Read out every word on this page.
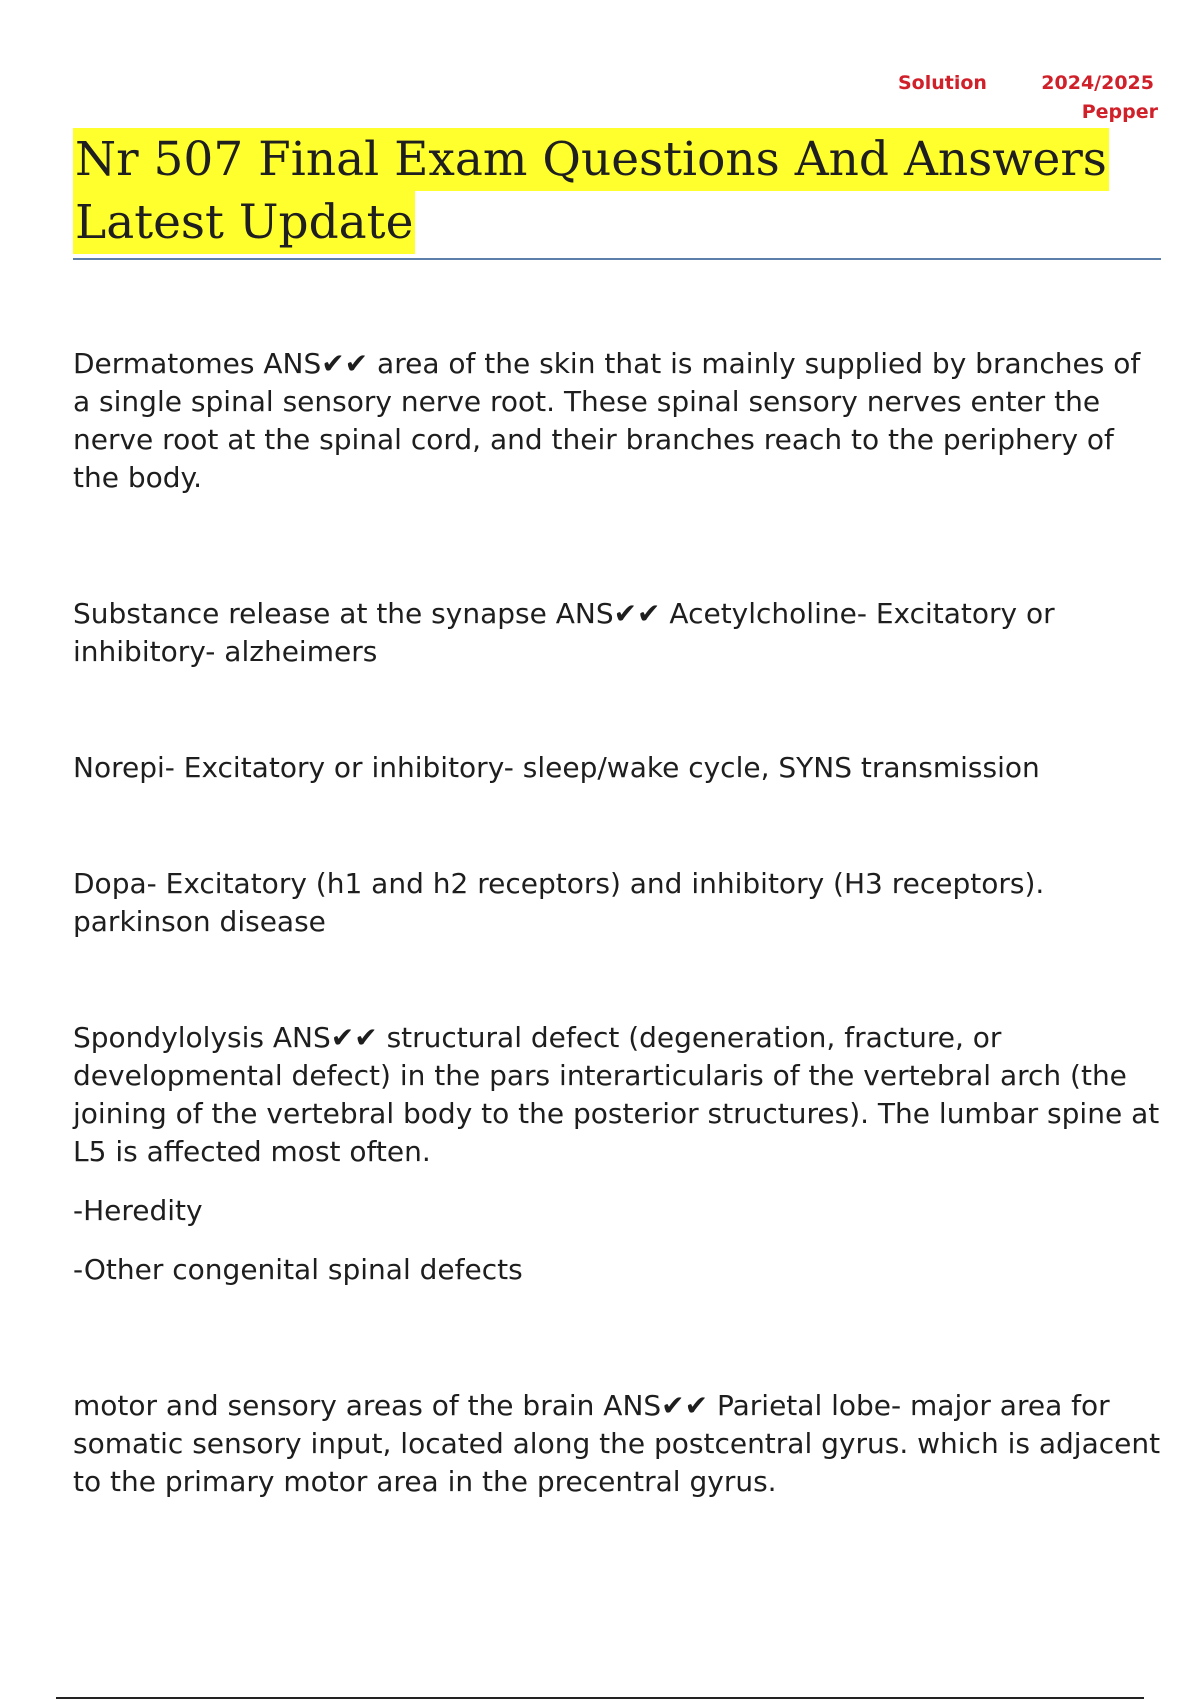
Solution	2024/2025
Pepper
Nr 507 Final Exam Questions And Answers
Latest Update

Dermatomes ANS✔✔ area of the skin that is mainly supplied by branches of a single spinal sensory nerve root. These spinal sensory nerves enter the nerve root at the spinal cord, and their branches reach to the periphery of the body.

Substance release at the synapse ANS✔✔ Acetylcholine- Excitatory or inhibitory- alzheimers

Norepi- Excitatory or inhibitory- sleep/wake cycle, SYNS transmission

Dopa- Excitatory (h1 and h2 receptors) and inhibitory (H3 receptors). parkinson disease

Spondylolysis ANS✔✔ structural defect (degeneration, fracture, or developmental defect) in the pars interarticularis of the vertebral arch (the joining of the vertebral body to the posterior structures). The lumbar spine at L5 is affected most often.

-Heredity

-Other congenital spinal defects

motor and sensory areas of the brain ANS✔✔ Parietal lobe- major area for somatic sensory input, located along the postcentral gyrus. which is adjacent to the primary motor area in the precentral gyrus.
